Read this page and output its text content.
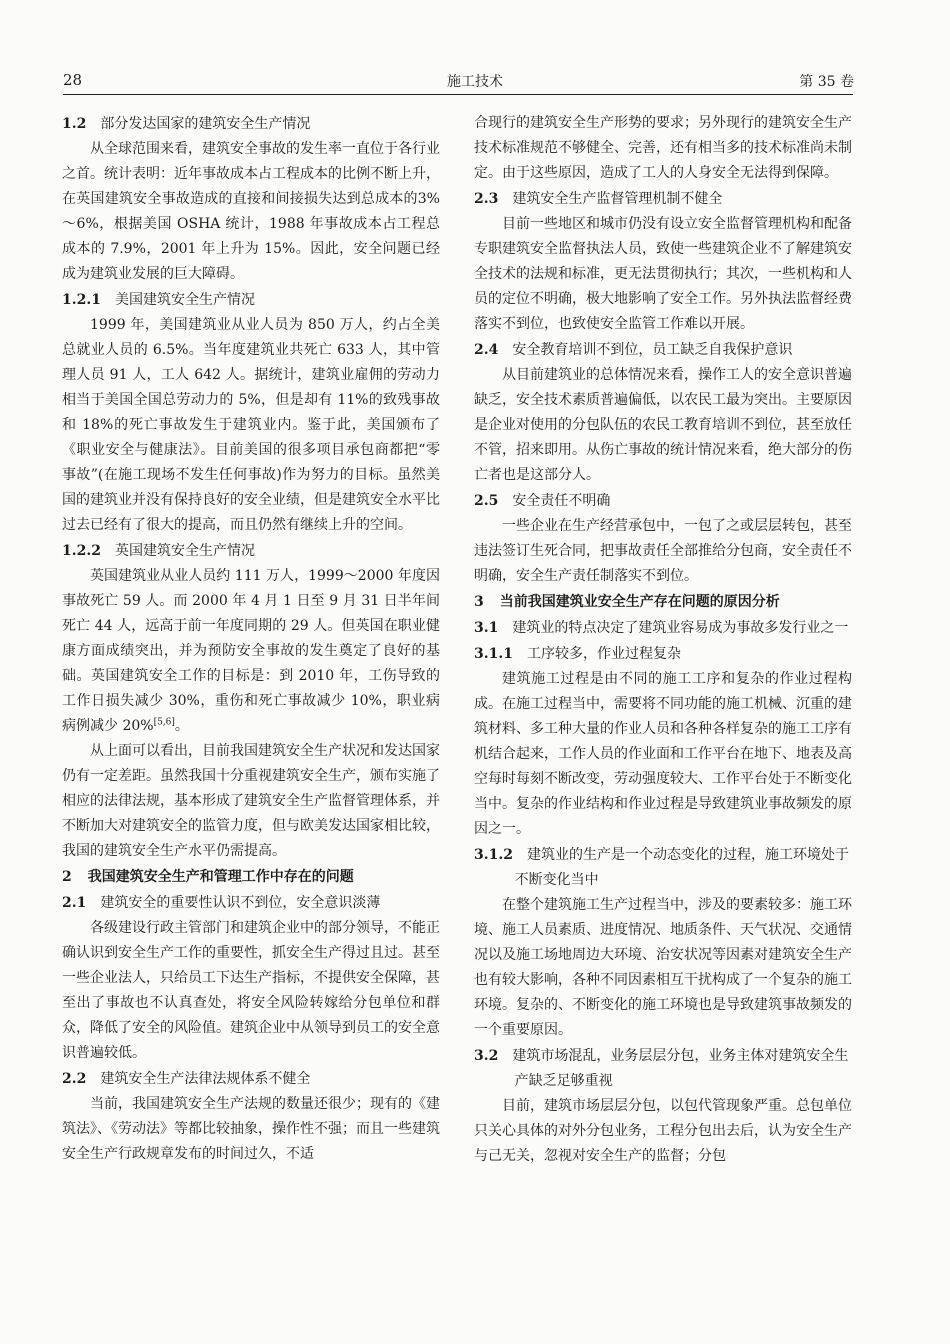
28	施工技术	第 35 卷
1.2 部分发达国家的建筑安全生产情况

从全球范围来看，建筑安全事故的发生率一直位于各行业之首。统计表明：近年事故成本占工程成本的比例不断上升，在英国建筑安全事故造成的直接和间接损失达到总成本的3%～6%，根据美国 OSHA 统计，1988 年事故成本占工程总成本的 7.9%，2001 年上升为 15%。因此，安全问题已经成为建筑业发展的巨大障碍。

1.2.1 美国建筑安全生产情况

1999 年，美国建筑业从业人员为 850 万人，约占全美总就业人员的 6.5%。当年度建筑业共死亡 633 人，其中管理人员 91 人，工人 642 人。据统计，建筑业雇佣的劳动力相当于美国全国总劳动力的 5%，但是却有 11%的致残事故和 18%的死亡事故发生于建筑业内。鉴于此，美国颁布了《职业安全与健康法》。目前美国的很多项目承包商都把“零事故”(在施工现场不发生任何事故)作为努力的目标。虽然美国的建筑业并没有保持良好的安全业绩，但是建筑安全水平比过去已经有了很大的提高，而且仍然有继续上升的空间。

1.2.2 英国建筑安全生产情况

英国建筑业从业人员约 111 万人，1999～2000 年度因事故死亡 59 人。而 2000 年 4 月 1 日至 9 月 31 日半年间死亡 44 人，远高于前一年度同期的 29 人。但英国在职业健康方面成绩突出，并为预防安全事故的发生奠定了良好的基础。英国建筑安全工作的目标是：到 2010 年，工伤导致的工作日损失减少 30%，重伤和死亡事故减少 10%，职业病病例减少 20%[5,6]。

从上面可以看出，目前我国建筑安全生产状况和发达国家仍有一定差距。虽然我国十分重视建筑安全生产，颁布实施了相应的法律法规，基本形成了建筑安全生产监督管理体系，并不断加大对建筑安全的监管力度，但与欧美发达国家相比较，我国的建筑安全生产水平仍需提高。

2 我国建筑安全生产和管理工作中存在的问题
2.1 建筑安全的重要性认识不到位，安全意识淡薄

各级建设行政主管部门和建筑企业中的部分领导，不能正确认识到安全生产工作的重要性，抓安全生产得过且过。甚至一些企业法人，只给员工下达生产指标，不提供安全保障，甚至出了事故也不认真查处，将安全风险转嫁给分包单位和群众，降低了安全的风险值。建筑企业中从领导到员工的安全意识普遍较低。

2.2 建筑安全生产法律法规体系不健全

当前，我国建筑安全生产法规的数量还很少；现有的《建筑法》、《劳动法》等都比较抽象，操作性不强；而且一些建筑安全生产行政规章发布的时间过久，不适

合现行的建筑安全生产形势的要求；另外现行的建筑安全生产技术标准规范不够健全、完善，还有相当多的技术标准尚未制定。由于这些原因，造成了工人的人身安全无法得到保障。

2.3 建筑安全生产监督管理机制不健全

目前一些地区和城市仍没有设立安全监督管理机构和配备专职建筑安全监督执法人员，致使一些建筑企业不了解建筑安全技术的法规和标准，更无法贯彻执行；其次，一些机构和人员的定位不明确，极大地影响了安全工作。另外执法监督经费落实不到位，也致使安全监管工作难以开展。

2.4 安全教育培训不到位，员工缺乏自我保护意识

从目前建筑业的总体情况来看，操作工人的安全意识普遍缺乏，安全技术素质普遍偏低，以农民工最为突出。主要原因是企业对使用的分包队伍的农民工教育培训不到位，甚至放任不管，招来即用。从伤亡事故的统计情况来看，绝大部分的伤亡者也是这部分人。

2.5 安全责任不明确

一些企业在生产经营承包中，一包了之或层层转包，甚至违法签订生死合同，把事故责任全部推给分包商，安全责任不明确，安全生产责任制落实不到位。

3 当前我国建筑业安全生产存在问题的原因分析
3.1 建筑业的特点决定了建筑业容易成为事故多发行业之一
3.1.1 工序较多，作业过程复杂

建筑施工过程是由不同的施工工序和复杂的作业过程构成。在施工过程当中，需要将不同功能的施工机械、沉重的建筑材料、多工种大量的作业人员和各种各样复杂的施工工序有机结合起来，工作人员的作业面和工作平台在地下、地表及高空每时每刻不断改变，劳动强度较大、工作平台处于不断变化当中。复杂的作业结构和作业过程是导致建筑业事故频发的原因之一。

3.1.2 建筑业的生产是一个动态变化的过程，施工环境处于不断变化当中

在整个建筑施工生产过程当中，涉及的要素较多：施工环境、施工人员素质、进度情况、地质条件、天气状况、交通情况以及施工场地周边大环境、治安状况等因素对建筑安全生产也有较大影响，各种不同因素相互干扰构成了一个复杂的施工环境。复杂的、不断变化的施工环境也是导致建筑事故频发的一个重要原因。

3.2 建筑市场混乱，业务层层分包，业务主体对建筑安全生产缺乏足够重视

目前，建筑市场层层分包，以包代管现象严重。总包单位只关心具体的对外分包业务，工程分包出去后，认为安全生产与己无关，忽视对安全生产的监督；分包
